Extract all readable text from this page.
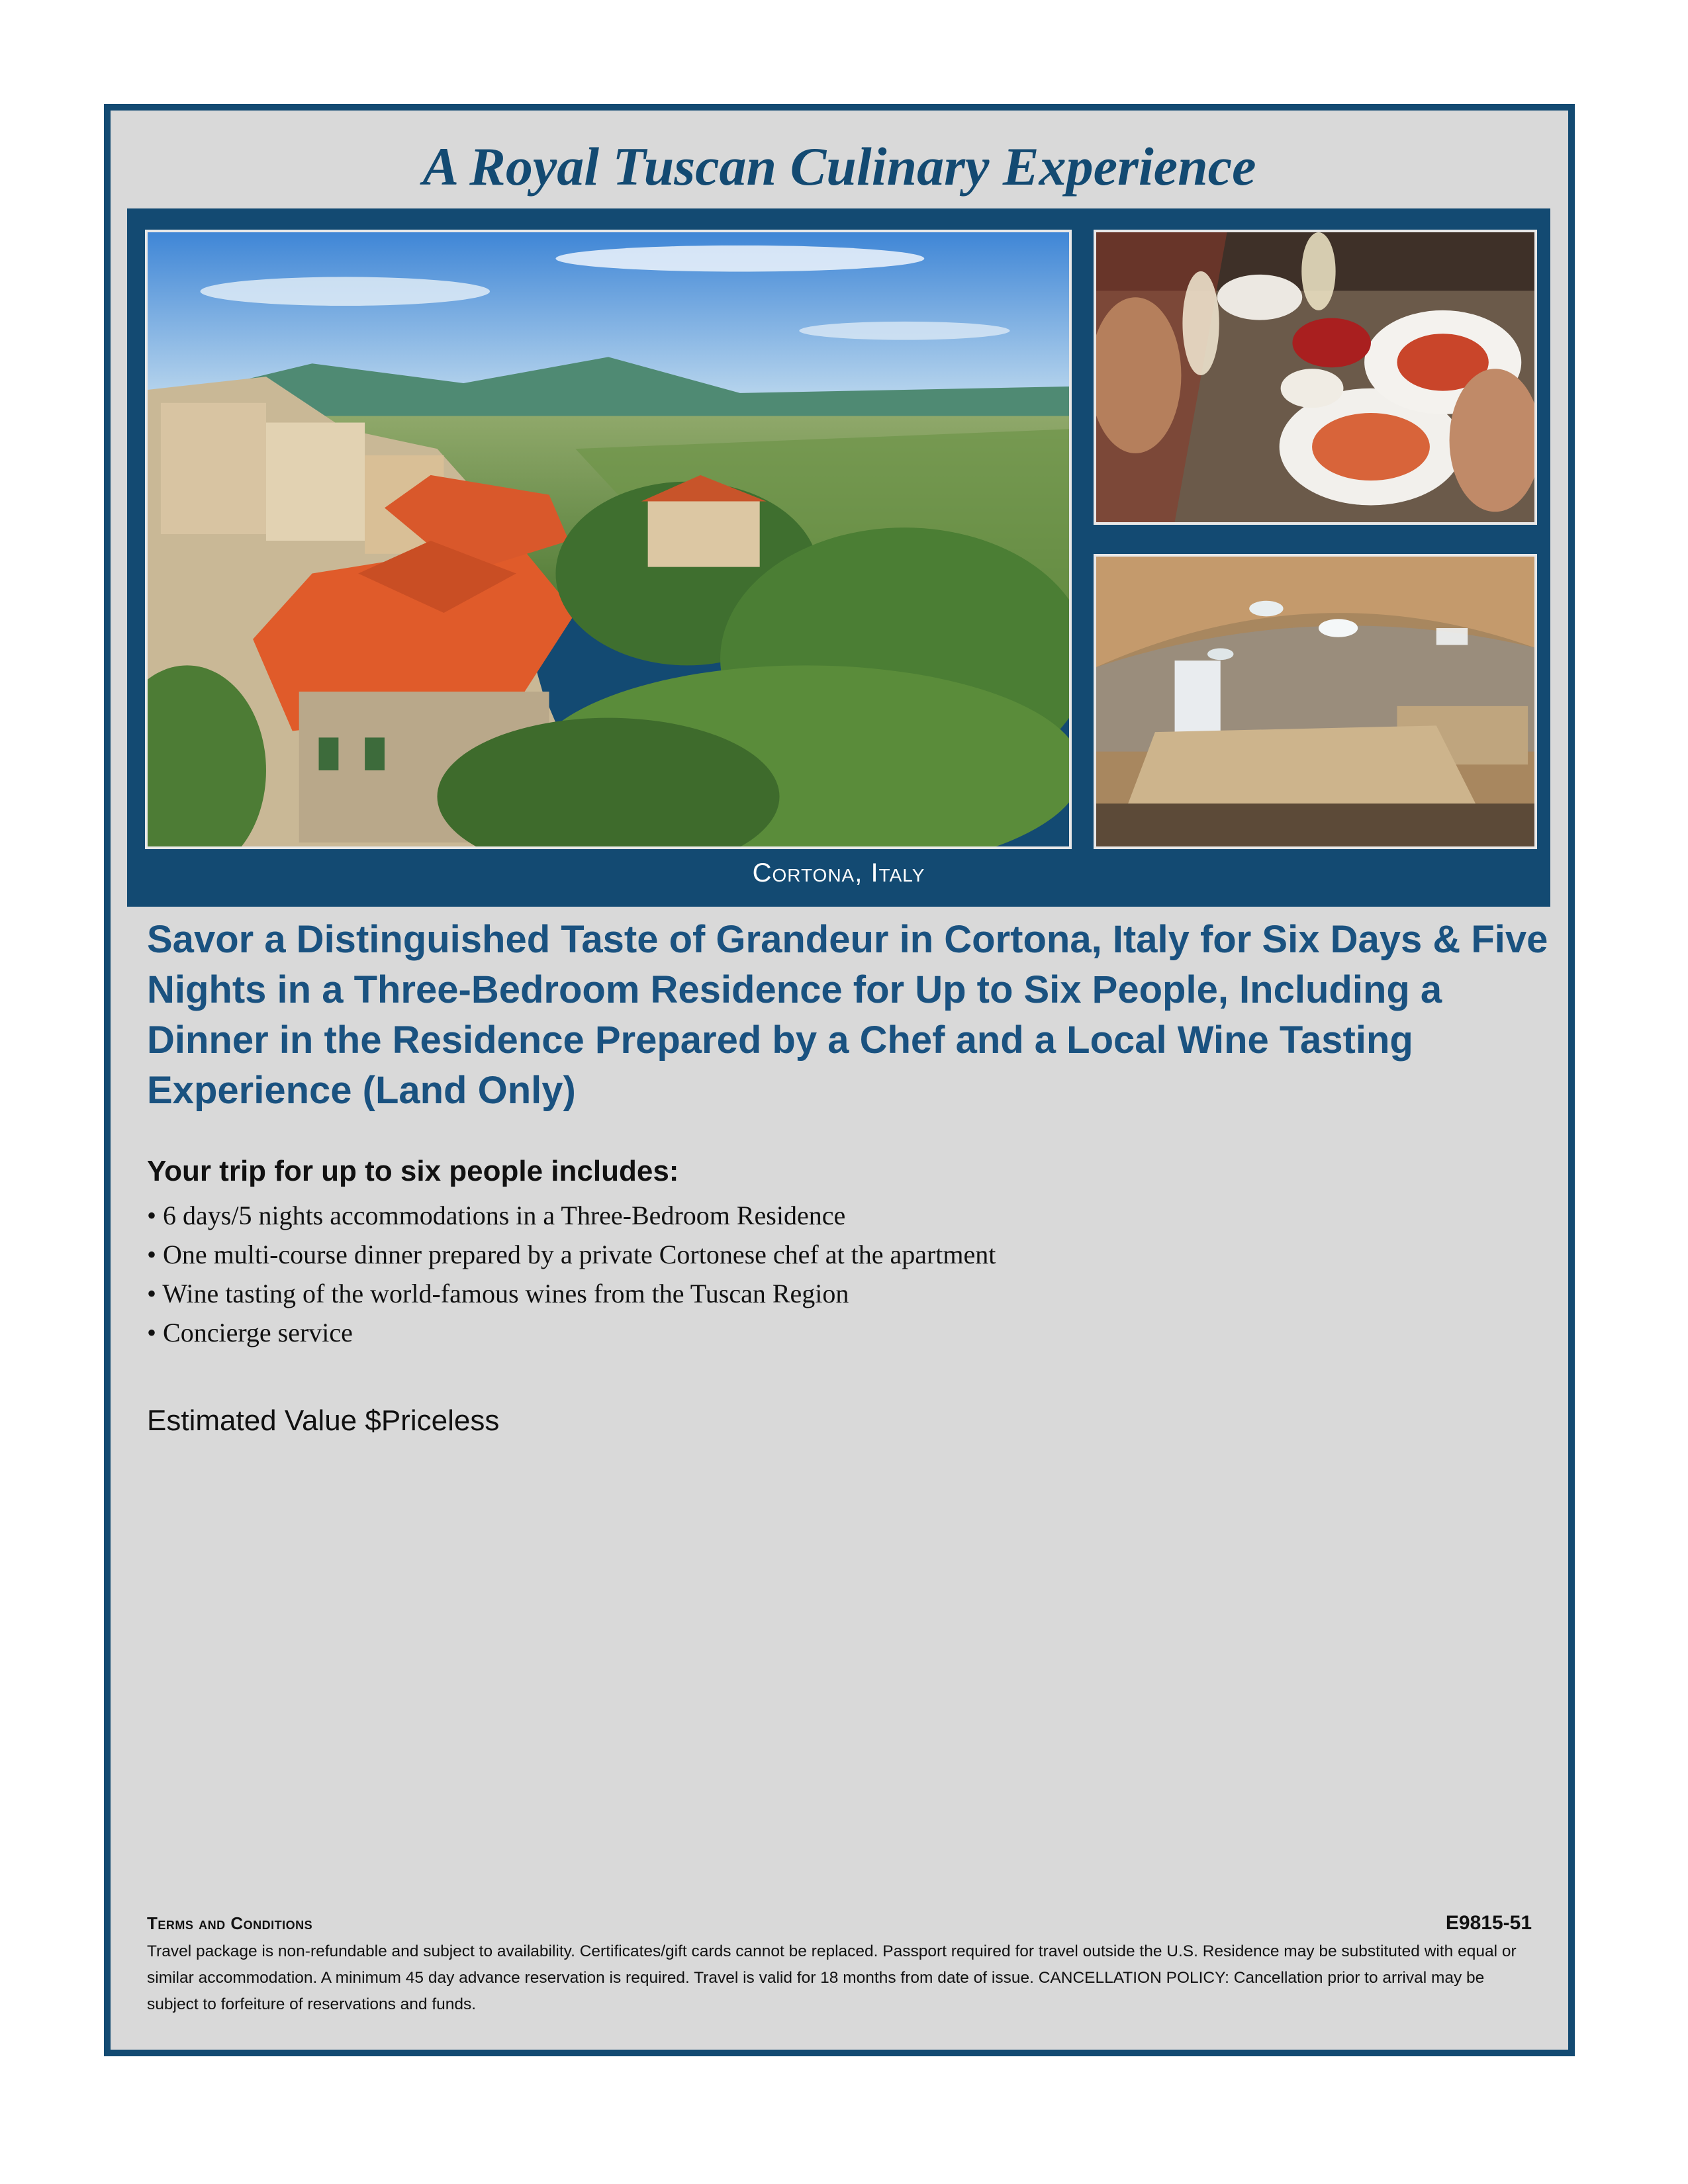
A Royal Tuscan Culinary Experience
Cortona, Italy
Savor a Distinguished Taste of Grandeur in Cortona, Italy for Six Days & Five Nights in a Three-Bedroom Residence for Up to Six People, Including a Dinner in the Residence Prepared by a Chef and a Local Wine Tasting Experience (Land Only)
Your trip for up to six people includes:
• 6 days/5 nights accommodations in a Three-Bedroom Residence
• One multi-course dinner prepared by a private Cortonese chef at the apartment
• Wine tasting of the world-famous wines from the Tuscan Region
• Concierge service

Estimated Value $Priceless

Terms and Conditions	E9815-51

Travel package is non-refundable and subject to availability. Certificates/gift cards cannot be replaced. Passport required for travel outside the U.S. Residence may be substituted with equal or similar accommodation. A minimum 45 day advance reservation is required. Travel is valid for 18 months from date of issue. CANCELLATION POLICY: Cancellation prior to arrival may be subject to forfeiture of reservations and funds.
